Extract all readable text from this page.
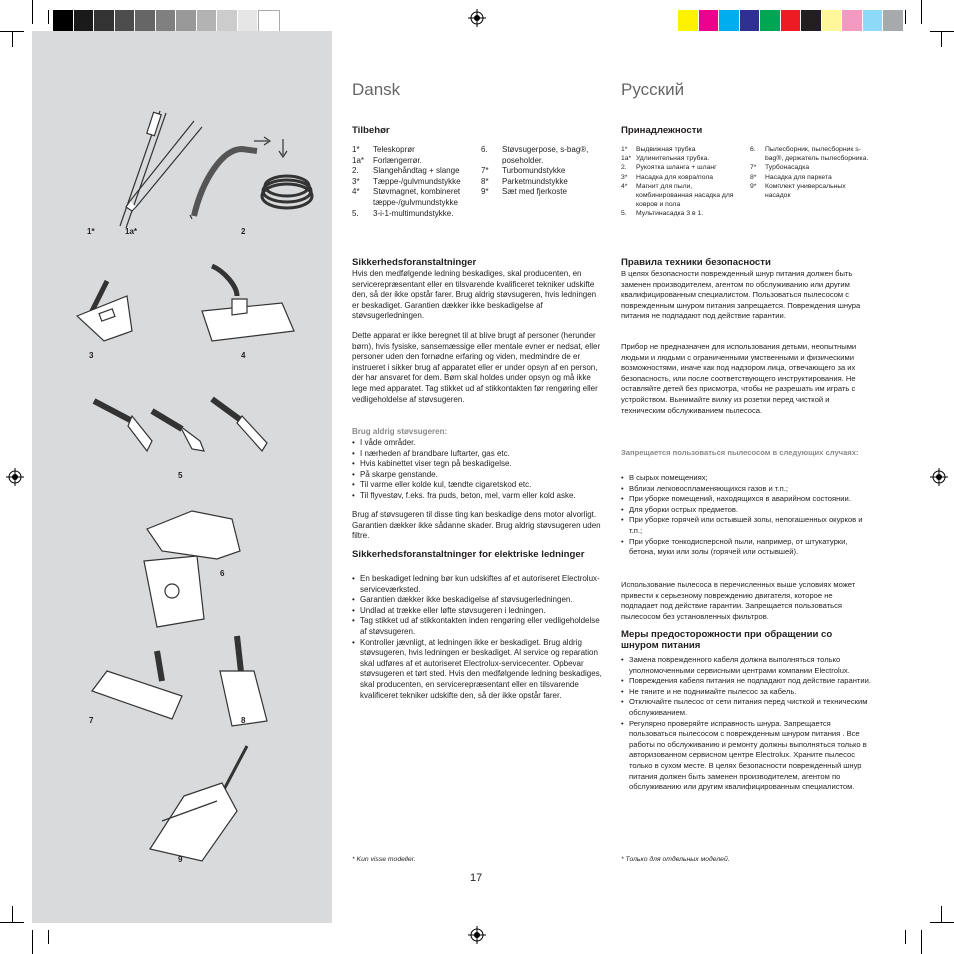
1*	1a*	2
3	4
5
6
7	8
9
Dansk
Tilbehør
1*	Teleskoprør
1a*	Forlængerrør.
2.	Slangehåndtag + slange
3*	Tæppe-/gulvmundstykke
4*	Støvmagnet, kombineret tæppe-/gulvmundstykke
5.	3-i-1-multimundstykke.
6.	Støvsugerpose, s-bag®, poseholder.
7*	Turbomundstykke
8*	Parketmundstykke
9*	Sæt med fjerkoste
Sikkerhedsforanstaltninger

Hvis den medfølgende ledning beskadiges, skal producenten, en servicerepræsentant eller en tilsvarende kvalificeret tekniker udskifte den, så der ikke opstår farer. Brug aldrig støvsugeren, hvis ledningen er beskadiget. Garantien dækker ikke beskadigelse af støvsugerledningen.

Dette apparat er ikke beregnet til at blive brugt af personer (herunder børn), hvis fysiske, sansemæssige eller mentale evner er nedsat, eller personer uden den fornødne erfaring og viden, medmindre de er instrueret i sikker brug af apparatet eller er under opsyn af en person, der har ansvaret for dem. Børn skal holdes under opsyn og må ikke lege med apparatet. Tag stikket ud af stikkontakten før rengøring eller vedligeholdelse af støvsugeren.

Brug aldrig støvsugeren:
• I våde områder.
• I nærheden af brandbare luftarter, gas etc.
• Hvis kabinettet viser tegn på beskadigelse.
• På skarpe genstande.
• Til varme eller kolde kul, tændte cigaretskod etc.
• Til flyvestøv, f.eks. fra puds, beton, mel, varm eller kold aske.

Brug af støvsugeren til disse ting kan beskadige dens motor alvorligt. Garantien dækker ikke sådanne skader. Brug aldrig støvsugeren uden filtre.

Sikkerhedsforanstaltninger for elektriske ledninger
• En beskadiget ledning bør kun udskiftes af et autoriseret Electrolux-serviceværksted.
• Garantien dækker ikke beskadigelse af støvsugerledningen.
• Undlad at trække eller løfte støvsugeren i ledningen.
• Tag stikket ud af stikkontakten inden rengøring eller vedligeholdelse af støvsugeren.
• Kontroller jævnligt, at ledningen ikke er beskadiget. Brug aldrig støvsugeren, hvis ledningen er beskadiget. Al service og reparation skal udføres af et autoriseret Electrolux-servicecenter. Opbevar støvsugeren et tørt sted. Hvis den medfølgende ledning beskadiges, skal producenten, en servicerepræsentant eller en tilsvarende kvalificeret tekniker udskifte den, så der ikke opstår farer.
* Kun visse modeller.
Русский
Принадлежности
1*	Выдвижная трубка
1a*	Удлинительная трубка.
2.	Рукоятка шланга + шланг
3*	Насадка для ковра/пола
4*	Магнит для пыли, комбинированная насадка для ковров и пола
5.	Мультинасадка 3 в 1.
6.	Пылесборник, пылесборник s-bag®, держатель пылесборника.
7*	Турбонасадка
8*	Насадка для паркета
9*	Комплект универсальных насадок
Правила техники безопасности

В целях безопасности поврежденный шнур питания должен быть заменен производителем, агентом по обслуживанию или другим квалифицированным специалистом. Пользоваться пылесосом с поврежденным шнуром питания запрещается. Повреждения шнура питания не подпадают под действие гарантии.

Прибор не предназначен для использования детьми, неопытными людьми и людьми с ограниченными умственными и физическими возможностями, иначе как под надзором лица, отвечающего за их безопасность, или после соответствующего инструктирования. Не оставляйте детей без присмотра, чтобы не разрешать им играть с устройством. Вынимайте вилку из розетки перед чисткой и техническим обслуживанием пылесоса.

Запрещается пользоваться пылесосом в следующих случаях:
• В сырых помещениях;
• Вблизи легковоспламеняющихся газов и т.п.;
• При уборке помещений, находящихся в аварийном состоянии.
• Для уборки острых предметов.
• При уборке горячей или остывшей золы, непогашенных окурков и т.п.;
• При уборке тонкодисперсной пыли, например, от штукатурки, бетона, муки или золы (горячей или остывшей).

Использование пылесоса в перечисленных выше условиях может привести к серьезному повреждению двигателя, которое не подпадает под действие гарантии. Запрещается пользоваться пылесосом без установленных фильтров.

Меры предосторожности при обращении со шнуром питания
• Замена поврежденного кабеля должна выполняться только уполномоченными сервисными центрами компании Electrolux.
• Повреждения кабеля питания не подпадают под действие гарантии.
• Не тяните и не поднимайте пылесос за кабель.
• Отключайте пылесос от сети питания перед чисткой и техническим обслуживанием.
• Регулярно проверяйте исправность шнура. Запрещается пользоваться пылесосом с поврежденным шнуром питания . Все работы по обслуживанию и ремонту должны выполняться только в авторизованном сервисном центре Electrolux. Храните пылесос только в сухом месте. В целях безопасности поврежденный шнур питания должен быть заменен производителем, агентом по обслуживанию или другим квалифицированным специалистом.
* Только для отдельных моделей.
17
